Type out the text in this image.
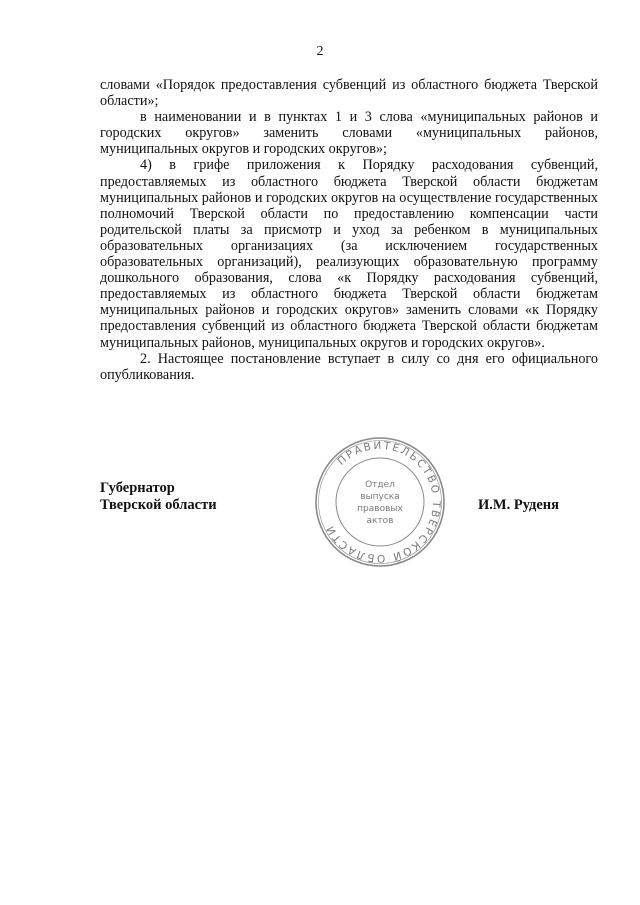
2

словами «Порядок предоставления субвенций из областного бюджета Тверской области»;

в наименовании и в пунктах 1 и 3 слова «муниципальных районов и городских округов» заменить словами «муниципальных районов, муниципальных округов и городских округов»;

4) в грифе приложения к Порядку расходования субвенций, предоставляемых из областного бюджета Тверской области бюджетам муниципальных районов и городских округов на осуществление государственных полномочий Тверской области по предоставлению компенсации части родительской платы за присмотр и уход за ребенком в муниципальных образовательных организациях (за исключением государственных образовательных организаций), реализующих образовательную программу дошкольного образования, слова «к Порядку расходования субвенций, предоставляемых из областного бюджета Тверской области бюджетам муниципальных районов и городских округов» заменить словами «к Порядку предоставления субвенций из областного бюджета Тверской области бюджетам муниципальных районов, муниципальных округов и городских округов».

2. Настоящее постановление вступает в силу со дня его официального опубликования.

Губернатор
Тверской области	И.М. Руденя
ПРАВИТЕЛЬСТВО ТВЕРСКОЙ ОБЛАСТИ
Отдел
выпуска
правовых
актов
